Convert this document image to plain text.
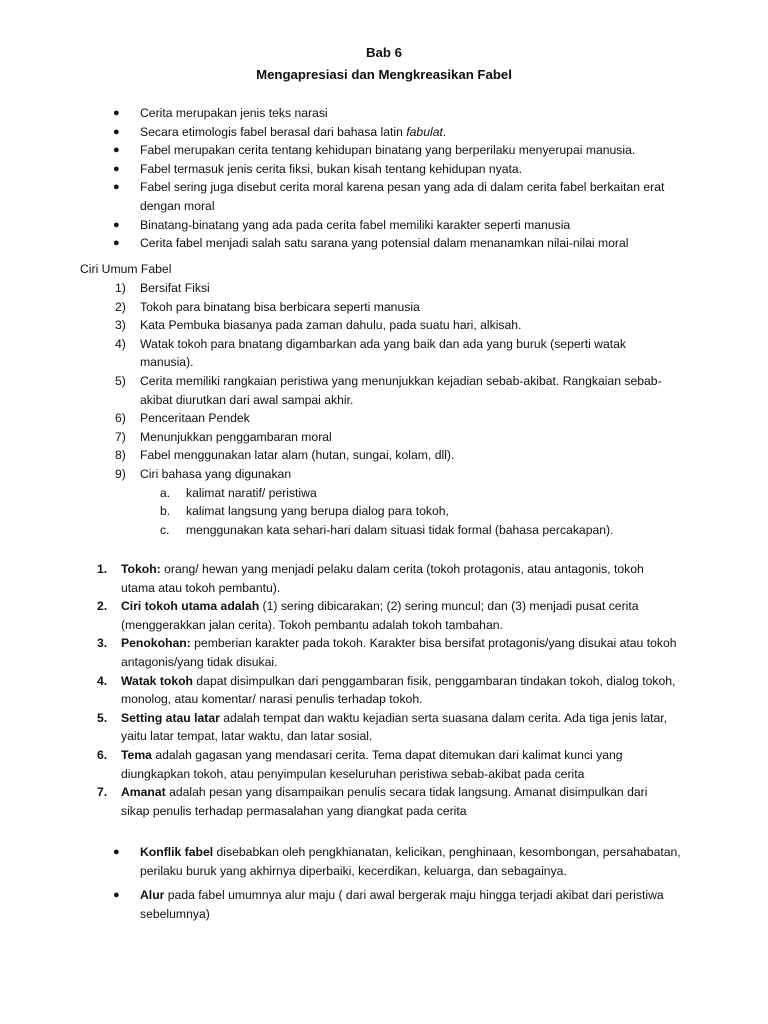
Bab 6
Mengapresiasi dan Mengkreasikan Fabel
● Cerita merupakan jenis teks narasi
● Secara etimologis fabel berasal dari bahasa latin fabulat.
● Fabel merupakan cerita tentang kehidupan binatang yang berperilaku menyerupai manusia.
● Fabel termasuk jenis cerita fiksi, bukan kisah tentang kehidupan nyata.
● Fabel sering juga disebut cerita moral karena pesan yang ada di dalam cerita fabel berkaitan erat dengan moral
● Binatang-binatang yang ada pada cerita fabel memiliki karakter seperti manusia
● Cerita fabel menjadi salah satu sarana yang potensial dalam menanamkan nilai-nilai moral
Ciri Umum Fabel
1) Bersifat Fiksi
2) Tokoh para binatang bisa berbicara seperti manusia
3) Kata Pembuka biasanya pada zaman dahulu, pada suatu hari, alkisah.
4) Watak tokoh para bnatang digambarkan ada yang baik dan ada yang buruk (seperti watak manusia).
5) Cerita memiliki rangkaian peristiwa yang menunjukkan kejadian sebab-akibat. Rangkaian sebab- akibat diurutkan dari awal sampai akhir.
6) Penceritaan Pendek
7) Menunjukkan penggambaran moral
8) Fabel menggunakan latar alam (hutan, sungai, kolam, dll).
9) Ciri bahasa yang digunakan
a. kalimat naratif/ peristiwa
b. kalimat langsung yang berupa dialog para tokoh,
c. menggunakan kata sehari-hari dalam situasi tidak formal (bahasa percakapan).
1. Tokoh: orang/ hewan yang menjadi pelaku dalam cerita (tokoh protagonis, atau antagonis, tokoh utama atau tokoh pembantu).
2. Ciri tokoh utama adalah (1) sering dibicarakan; (2) sering muncul; dan (3) menjadi pusat cerita (menggerakkan jalan cerita). Tokoh pembantu adalah tokoh tambahan.
3. Penokohan: pemberian karakter pada tokoh. Karakter bisa bersifat protagonis/yang disukai atau tokoh antagonis/yang tidak disukai.
4. Watak tokoh dapat disimpulkan dari penggambaran fisik, penggambaran tindakan tokoh, dialog tokoh, monolog, atau komentar/ narasi penulis terhadap tokoh.
5. Setting atau latar adalah tempat dan waktu kejadian serta suasana dalam cerita. Ada tiga jenis latar, yaitu latar tempat, latar waktu, dan latar sosial.
6. Tema adalah gagasan yang mendasari cerita. Tema dapat ditemukan dari kalimat kunci yang diungkapkan tokoh, atau penyimpulan keseluruhan peristiwa sebab-akibat pada cerita
7. Amanat adalah pesan yang disampaikan penulis secara tidak langsung. Amanat disimpulkan dari sikap penulis terhadap permasalahan yang diangkat pada cerita
● Konflik fabel disebabkan oleh pengkhianatan, kelicikan, penghinaan, kesombongan, persahabatan, perilaku buruk yang akhirnya diperbaiki, kecerdikan, keluarga, dan sebagainya.
● Alur pada fabel umumnya alur maju ( dari awal bergerak maju hingga terjadi akibat dari peristiwa sebelumnya)
